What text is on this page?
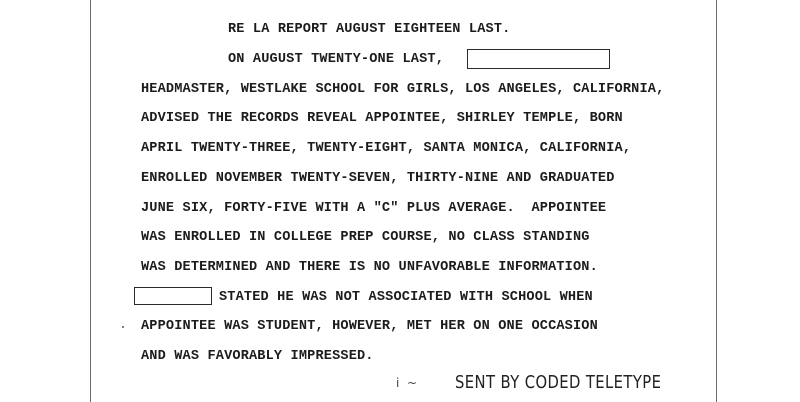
RE LA REPORT AUGUST EIGHTEEN LAST.
ON AUGUST TWENTY-ONE LAST,
HEADMASTER, WESTLAKE SCHOOL FOR GIRLS, LOS ANGELES, CALIFORNIA,
ADVISED THE RECORDS REVEAL APPOINTEE, SHIRLEY TEMPLE, BORN
APRIL TWENTY-THREE, TWENTY-EIGHT, SANTA MONICA, CALIFORNIA,
ENROLLED NOVEMBER TWENTY-SEVEN, THIRTY-NINE AND GRADUATED
JUNE SIX, FORTY-FIVE WITH A "C" PLUS AVERAGE.  APPOINTEE
WAS ENROLLED IN COLLEGE PREP COURSE, NO CLASS STANDING
WAS DETERMINED AND THERE IS NO UNFAVORABLE INFORMATION.
STATED HE WAS NOT ASSOCIATED WITH SCHOOL WHEN
APPOINTEE WAS STUDENT, HOWEVER, MET HER ON ONE OCCASION
AND WAS FAVORABLY IMPRESSED.
i  ~ SENT BY CODED TELETYPE
